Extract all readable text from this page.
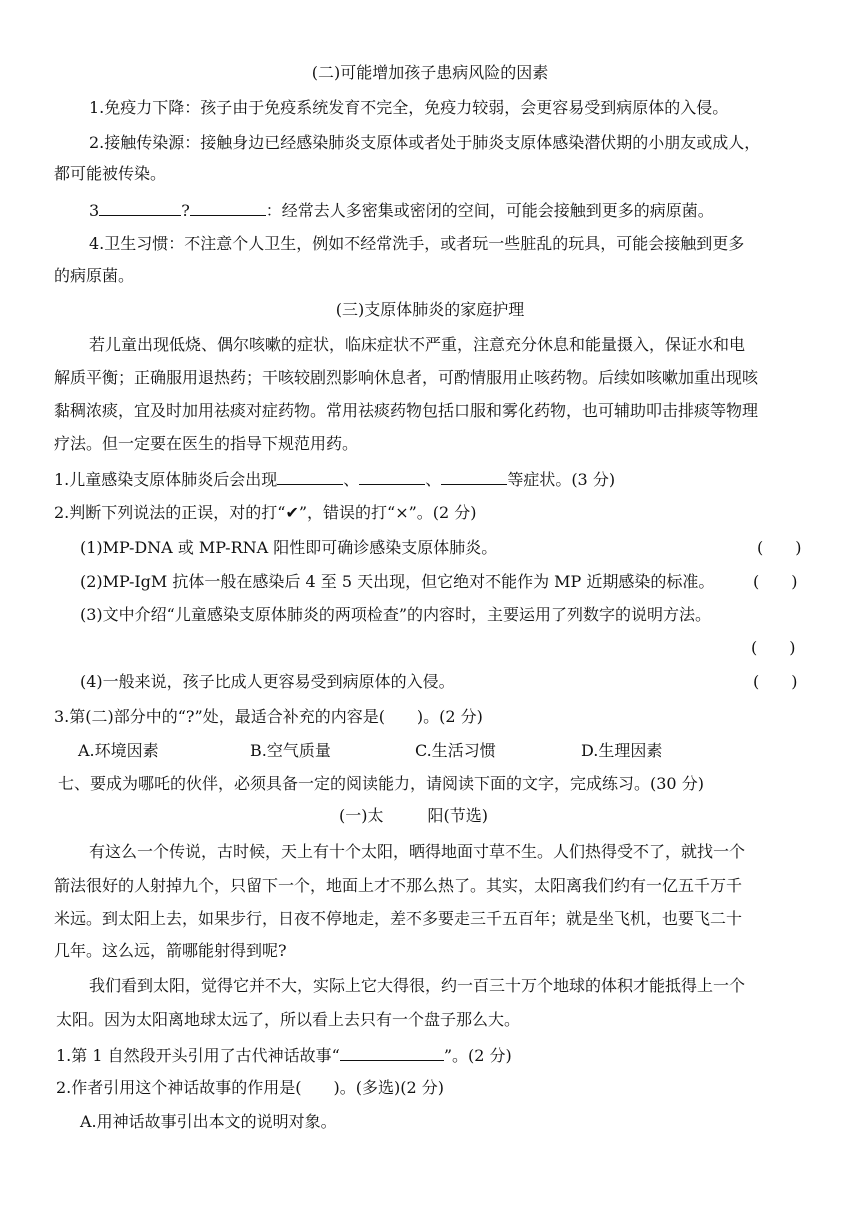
(二)可能增加孩子患病风险的因素
1.免疫力下降：孩子由于免疫系统发育不完全，免疫力较弱，会更容易受到病原体的入侵。
2.接触传染源：接触身边已经感染肺炎支原体或者处于肺炎支原体感染潜伏期的小朋友或成人，
都可能被传染。
3	?	：经常去人多密集或密闭的空间，可能会接触到更多的病原菌。
4.卫生习惯：不注意个人卫生，例如不经常洗手，或者玩一些脏乱的玩具，可能会接触到更多
的病原菌。
(三)支原体肺炎的家庭护理
若儿童出现低烧、偶尔咳嗽的症状，临床症状不严重，注意充分休息和能量摄入，保证水和电
解质平衡；正确服用退热药；干咳较剧烈影响休息者，可酌情服用止咳药物。后续如咳嗽加重出现咳
黏稠浓痰，宜及时加用祛痰对症药物。常用祛痰药物包括口服和雾化药物，也可辅助叩击排痰等物理
疗法。但一定要在医生的指导下规范用药。
1.儿童感染支原体肺炎后会出现	、	、	等症状。(3 分)
2.判断下列说法的正误，对的打“✔”，错误的打“×”。(2 分)
(1)MP-DNA 或 MP-RNA 阳性即可确诊感染支原体肺炎。	(　　)
(2)MP-IgM 抗体一般在感染后 4 至 5 天出现，但它绝对不能作为 MP 近期感染的标准。 (　　)
(3)文中介绍“儿童感染支原体肺炎的两项检查”的内容时，主要运用了列数字的说明方法。
(　　)
(4)一般来说，孩子比成人更容易受到病原体的入侵。	(　　)
3.第(二)部分中的“?”处，最适合补充的内容是(　　)。(2 分)
A.环境因素	B.空气质量	C.生活习惯	D.生理因素
七、要成为哪吒的伙伴，必须具备一定的阅读能力，请阅读下面的文字，完成练习。(30 分)
(一)太	阳(节选)
有这么一个传说，古时候，天上有十个太阳，晒得地面寸草不生。人们热得受不了，就找一个
箭法很好的人射掉九个，只留下一个，地面上才不那么热了。其实，太阳离我们约有一亿五千万千
米远。到太阳上去，如果步行，日夜不停地走，差不多要走三千五百年；就是坐飞机，也要飞二十
几年。这么远，箭哪能射得到呢?
我们看到太阳，觉得它并不大，实际上它大得很，约一百三十万个地球的体积才能抵得上一个
太阳。因为太阳离地球太远了，所以看上去只有一个盘子那么大。
1.第 1 自然段开头引用了古代神话故事“	”。(2 分)
2.作者引用这个神话故事的作用是(　　)。(多选)(2 分)
A.用神话故事引出本文的说明对象。
